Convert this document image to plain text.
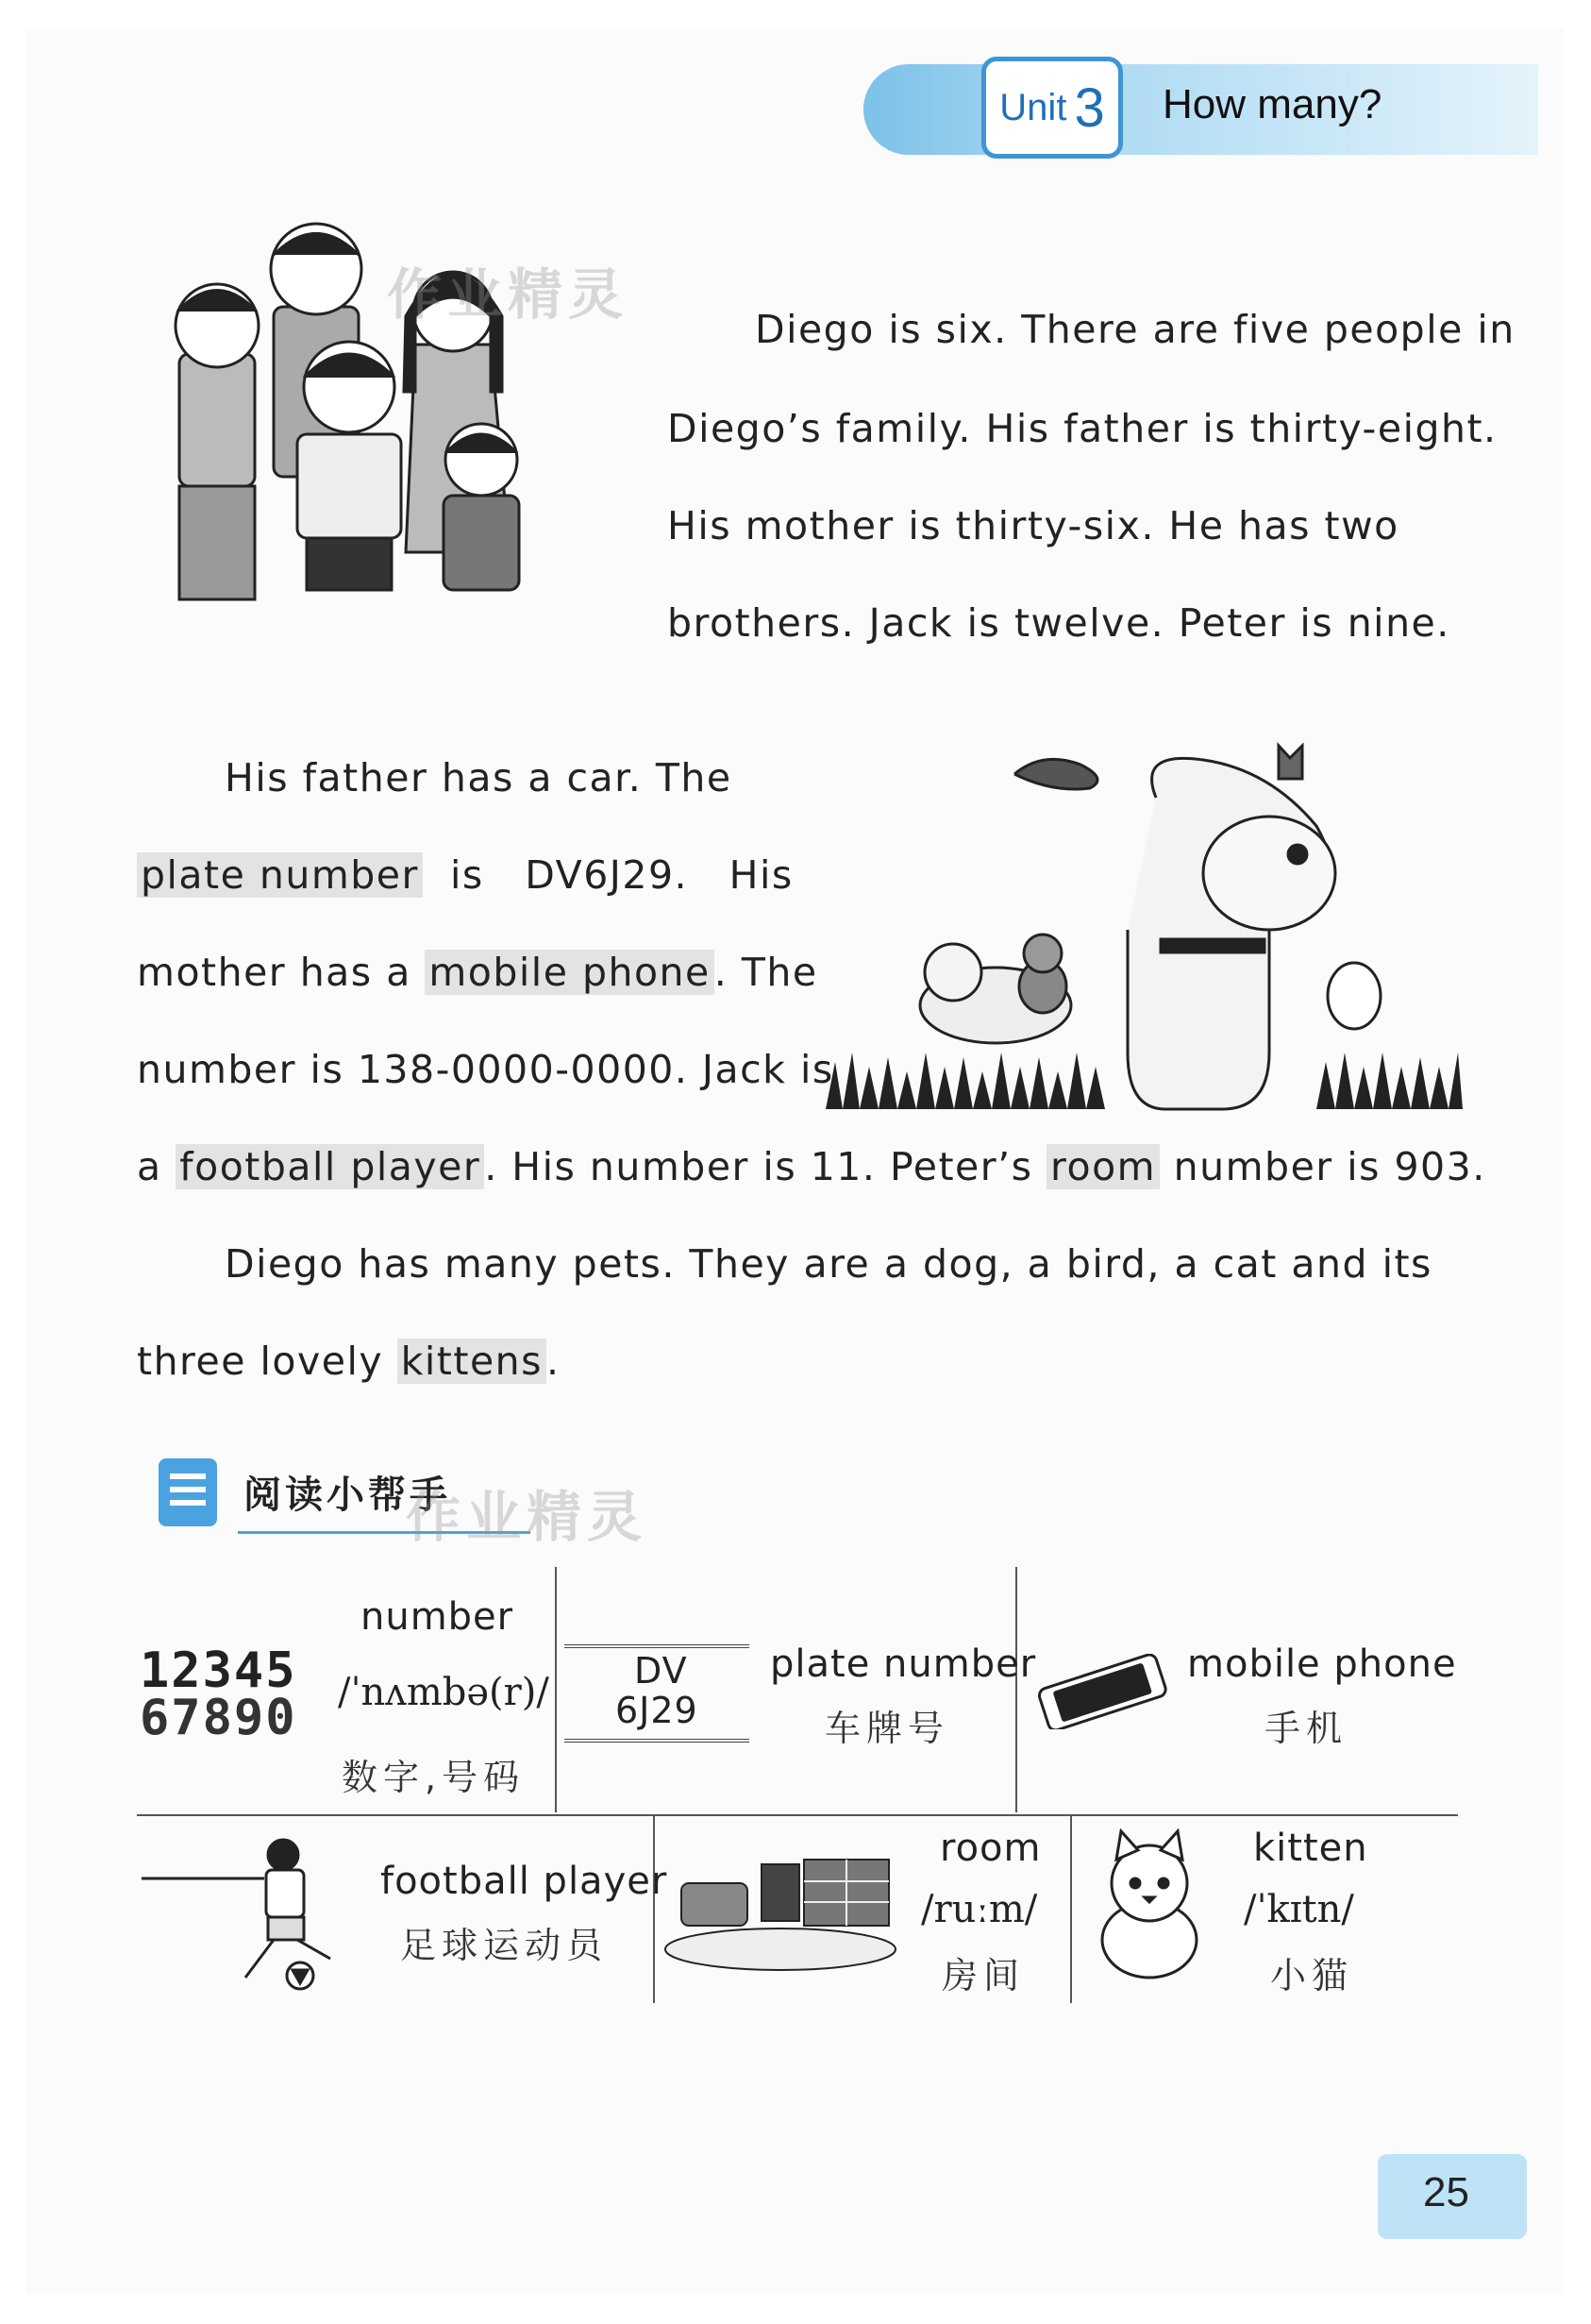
Unit 3 How many?
作业精灵
Diego is six. There are five people in
Diego’s family. His father is thirty-eight.
His mother is thirty-six. He has two
brothers. Jack is twelve. Peter is nine.
His father has a car. The
plate number  is   DV6J29.   His
mother has a mobile phone. The
number is 138-0000-0000. Jack is
a football player. His number is 11. Peter’s room number is 903.
Diego has many pets. They are a dog, a bird, a cat and its
three lovely kittens.
阅读小帮手
作业精灵
number
12345
67890 /ˈnʌmbə(r)/
数字,号码
DV
6J29
plate number
车牌号
mobile phone
手机
football player
足球运动员
room
/ruːm/
房间
kitten
/ˈkɪtn/
小猫
25
